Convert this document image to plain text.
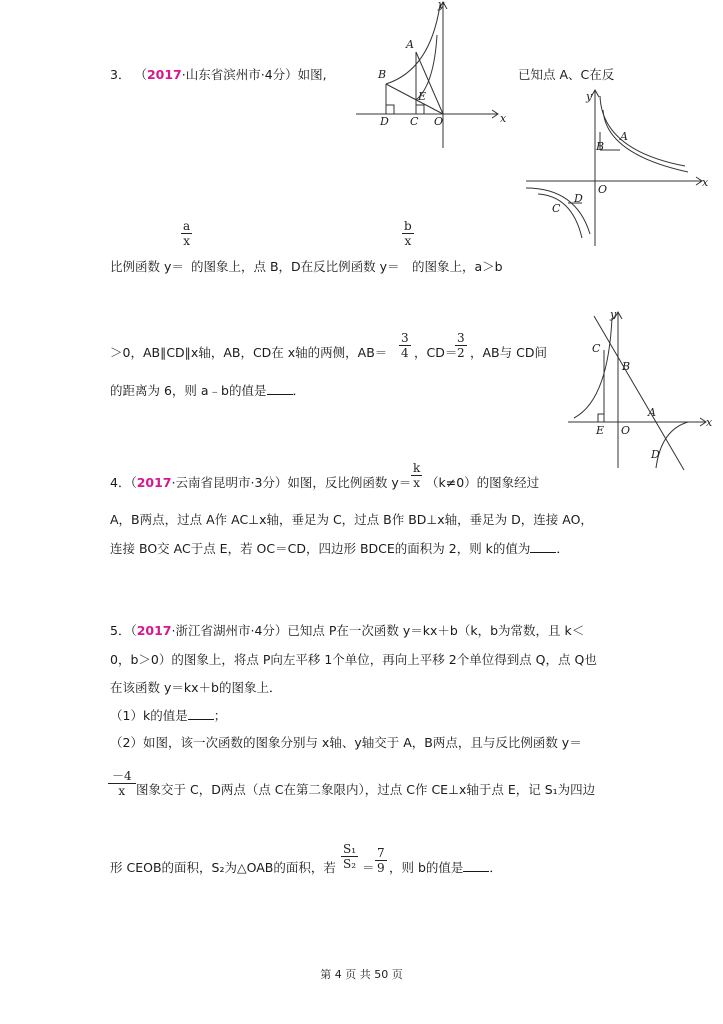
3． （2017·山东省滨州市·4分）如图,	已知点 A、C在反
$\frac{a}{x}$	$\frac{b}{x}$
比例函数 y＝ 的图象上，点 B，D在反比例函数 y＝ 的图象上，a＞b
＞0，AB∥CD∥x轴，AB，CD在 x轴的两侧，$AB= \frac{3}{4}$ ，CD＝
$\frac{3}{2}$ ，AB与 CD间
的距离为 6，则 a﹣b的值是 ．
y
x
A
B
E
D C O
y
x
A
B
O
D
C
y
x
C
B
A
E O
D
4．（2017·云南省昆明市·3分）如图，反比例函数 $y= \frac{k}{x} (k\ne 0)$的图象经过
A，B两点，过点 A作 AC⊥x轴，垂足为 C，过点 B作 BD⊥x轴，垂足为 D，连接 AO，
连接 BO交 AC于点 E，若 OC＝CD，四边形 BDCE的面积为 2，则 k的值为 ．
5．（2017·浙江省湖州市·4分）已知点 P在一次函数 y＝kx＋b（k，b为常数，且 k＜
0，b＞0）的图象上，将点 P向左平移 1个单位，再向上平移 2个单位得到点 Q，点 Q也
在该函数 y＝kx＋b的图象上．
（1）k的值是 ；
（2）如图，该一次函数的图象分别与 x轴、y轴交于 A，B两点，且与反比例函数 y＝
$\frac{-4}{x}$ 图象交于 C，D两点（点 C在第二象限内），过点 C作 CE⊥x轴于点 E，记 S₁为四边
形 CEOB的面积，S₂为△OAB的面积，若 $\frac{\text{S₁}}{\text{S₂}} = \frac{7}{9}$ ，则 b的值是 ．
第 4 页 共 50 页
